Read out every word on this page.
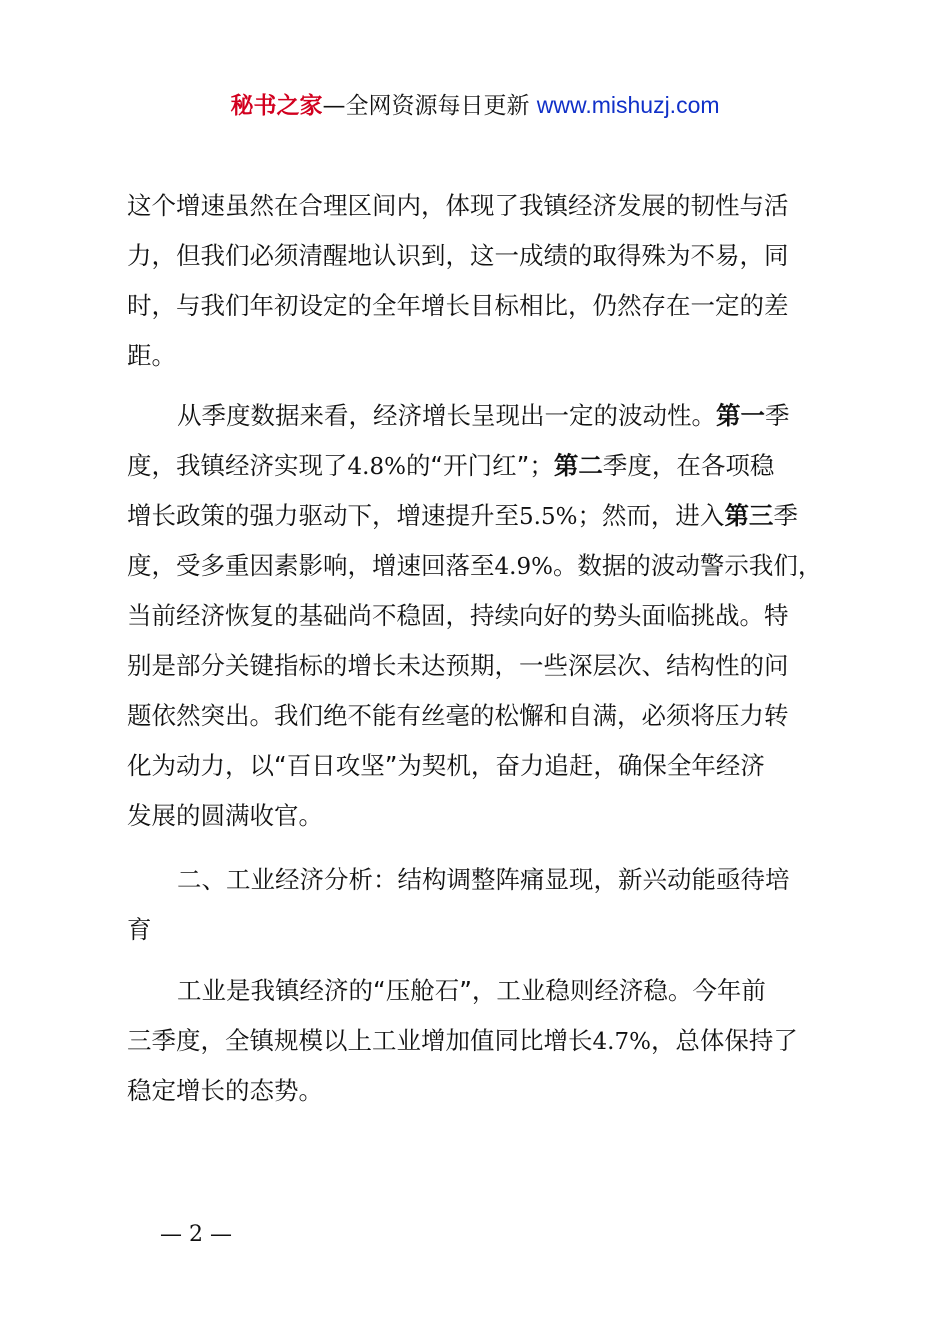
秘书之家—全网资源每日更新 www.mishuzj.com
这个增速虽然在合理区间内，体现了我镇经济发展的韧性与活
力，但我们必须清醒地认识到，这一成绩的取得殊为不易，同
时，与我们年初设定的全年增长目标相比，仍然存在一定的差
距。
从季度数据来看，经济增长呈现出一定的波动性。第一季
度，我镇经济实现了4.8%的“开门红”；第二季度，在各项稳
增长政策的强力驱动下，增速提升至5.5%；然而，进入第三季
度，受多重因素影响，增速回落至4.9%。数据的波动警示我们，
当前经济恢复的基础尚不稳固，持续向好的势头面临挑战。特
别是部分关键指标的增长未达预期，一些深层次、结构性的问
题依然突出。我们绝不能有丝毫的松懈和自满，必须将压力转
化为动力，以“百日攻坚”为契机，奋力追赶，确保全年经济
发展的圆满收官。
二、工业经济分析：结构调整阵痛显现，新兴动能亟待培
育
工业是我镇经济的“压舱石”，工业稳则经济稳。今年前
三季度，全镇规模以上工业增加值同比增长4.7%，总体保持了
稳定增长的态势。
— 2 —
